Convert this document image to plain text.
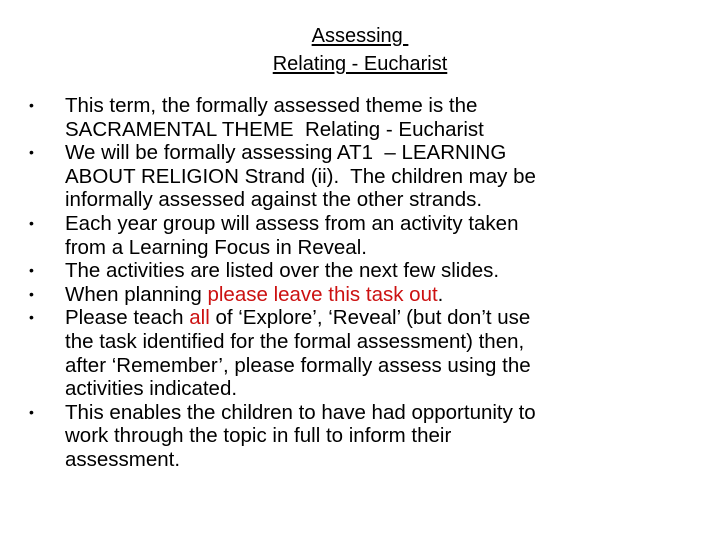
Assessing
Relating - Eucharist
• This term, the formally assessed theme is the
SACRAMENTAL THEME  Relating - Eucharist
• We will be formally assessing AT1  – LEARNING
ABOUT RELIGION Strand (ii).  The children may be
informally assessed against the other strands.
• Each year group will assess from an activity taken
from a Learning Focus in Reveal.
• The activities are listed over the next few slides.
• When planning please leave this task out.
• Please teach all of ‘Explore’, ‘Reveal’ (but don’t use
the task identified for the formal assessment) then,
after ‘Remember’, please formally assess using the
activities indicated.
• This enables the children to have had opportunity to
work through the topic in full to inform their
assessment.
